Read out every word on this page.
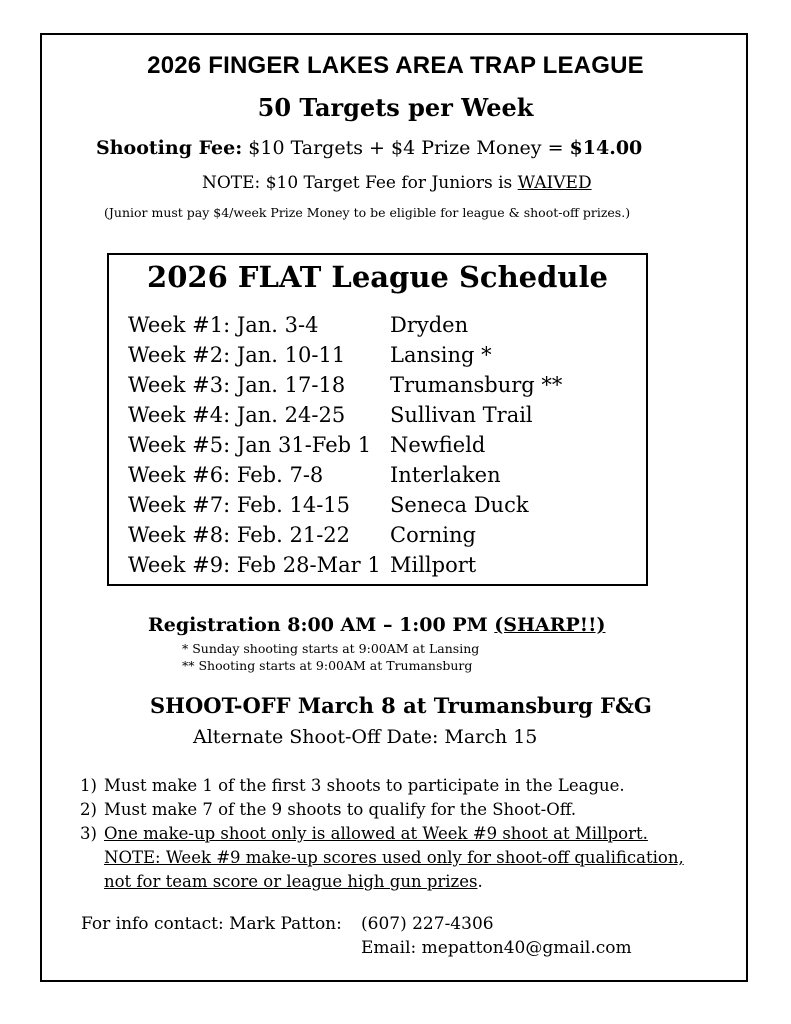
2026 FINGER LAKES AREA TRAP LEAGUE
50 Targets per Week
Shooting Fee: $10 Targets + $4 Prize Money = $14.00
NOTE: $10 Target Fee for Juniors is WAIVED
(Junior must pay $4/week Prize Money to be eligible for league & shoot-off prizes.)
2026 FLAT League Schedule
Week #1: Jan. 3-4	Dryden
Week #2: Jan. 10-11 Lansing *
Week #3: Jan. 17-18 Trumansburg **
Week #4: Jan. 24-25 Sullivan Trail
Week #5: Jan 31-Feb 1 Newfield
Week #6: Feb. 7-8	Interlaken
Week #7: Feb. 14-15 Seneca Duck
Week #8: Feb. 21-22 Corning
Week #9: Feb 28-Mar 1 Millport
Registration 8:00 AM – 1:00 PM (SHARP!!)
* Sunday shooting starts at 9:00AM at Lansing
** Shooting starts at 9:00AM at Trumansburg
SHOOT-OFF March 8 at Trumansburg F&G
Alternate Shoot-Off Date: March 15
1) Must make 1 of the first 3 shoots to participate in the League.
2) Must make 7 of the 9 shoots to qualify for the Shoot-Off.
3) One make-up shoot only is allowed at Week #9 shoot at Millport.
NOTE: Week #9 make-up scores used only for shoot-off qualification,
not for team score or league high gun prizes.
For info contact: Mark Patton: (607) 227-4306
Email: mepatton40@gmail.com
